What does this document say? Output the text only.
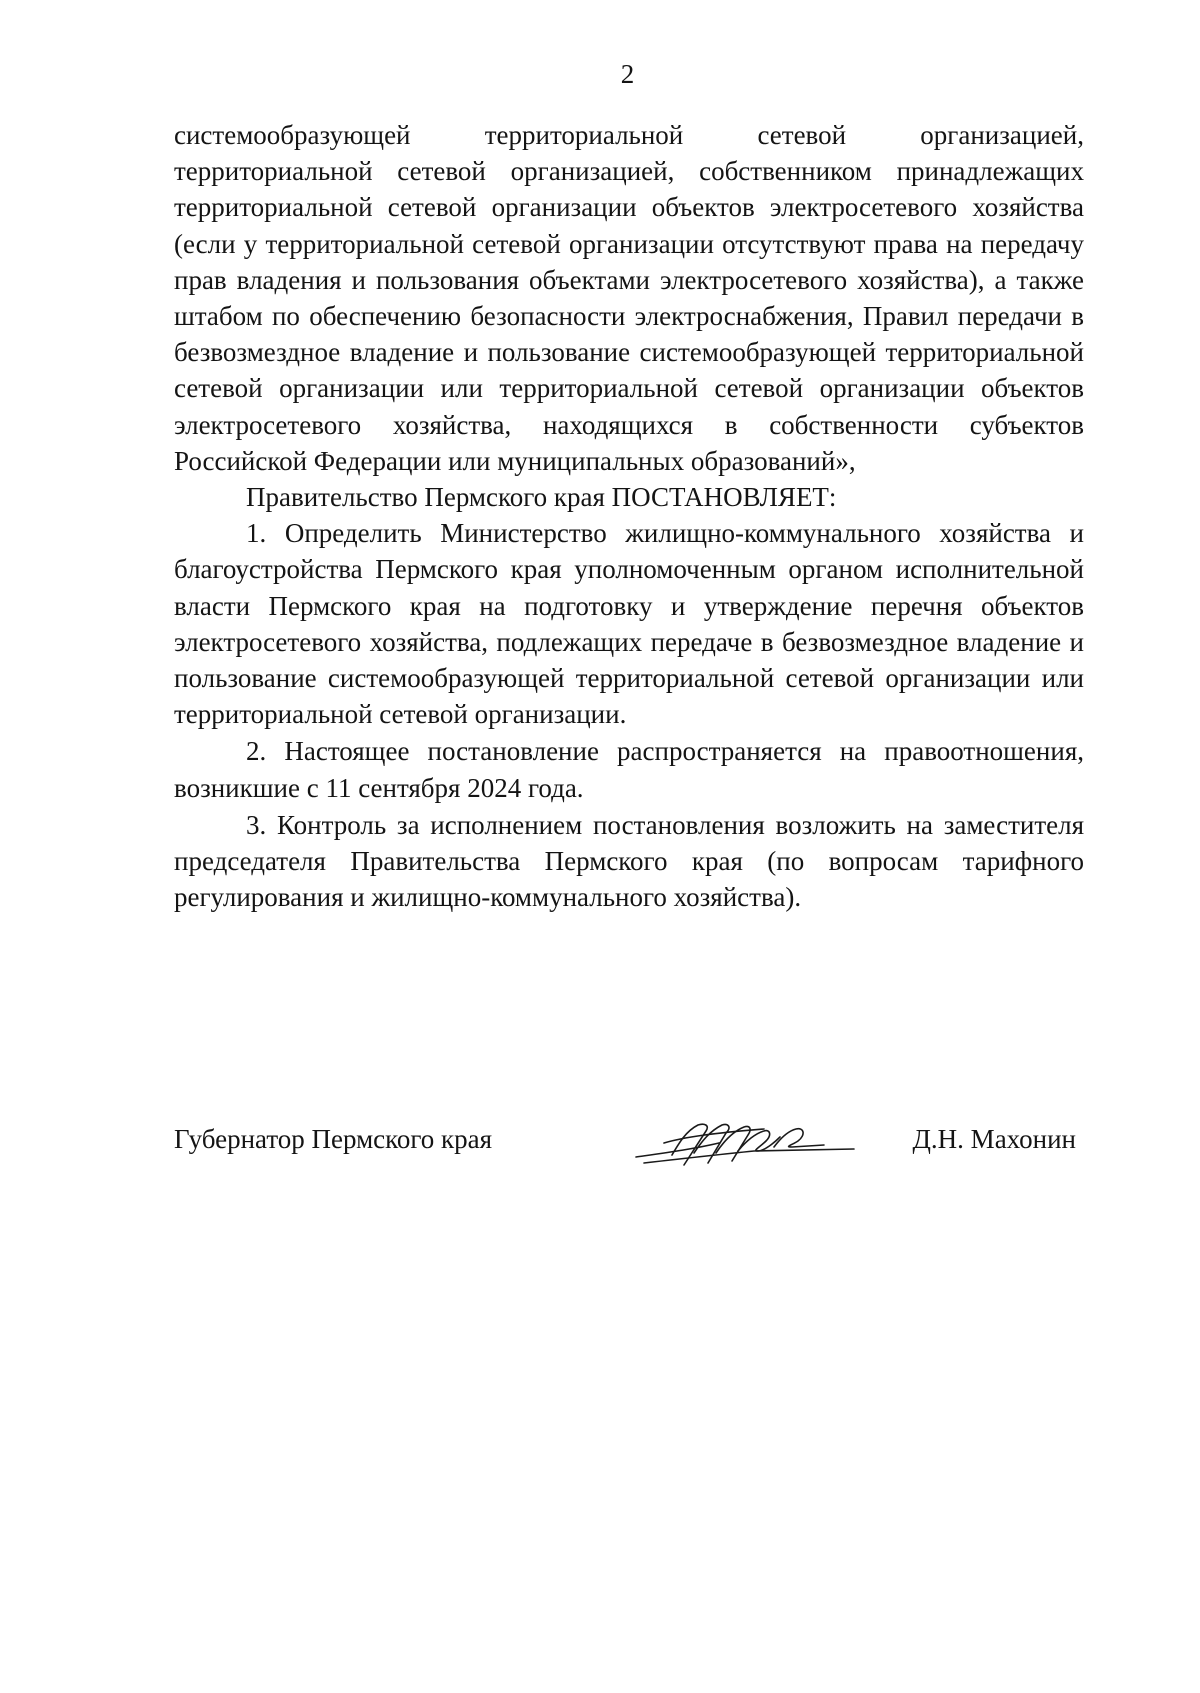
2

системообразующей территориальной сетевой организацией, территориальной сетевой организацией, собственником принадлежащих территориальной сетевой организации объектов электросетевого хозяйства (если у территориальной сетевой организации отсутствуют права на передачу прав владения и пользования объектами электросетевого хозяйства), а также штабом по обеспечению безопасности электроснабжения, Правил передачи в безвозмездное владение и пользование системообразующей территориальной сетевой организации или территориальной сетевой организации объектов электросетевого хозяйства, находящихся в собственности субъектов Российской Федерации или муниципальных образований»,

Правительство Пермского края ПОСТАНОВЛЯЕТ:

1. Определить Министерство жилищно-коммунального хозяйства и благоустройства Пермского края уполномоченным органом исполнительной власти Пермского края на подготовку и утверждение перечня объектов электросетевого хозяйства, подлежащих передаче в безвозмездное владение и пользование системообразующей территориальной сетевой организации или территориальной сетевой организации.

2. Настоящее постановление распространяется на правоотношения, возникшие с 11 сентября 2024 года.

3. Контроль за исполнением постановления возложить на заместителя председателя Правительства Пермского края (по вопросам тарифного регулирования и жилищно-коммунального хозяйства).

Губернатор Пермского края	Д.Н. Махонин
